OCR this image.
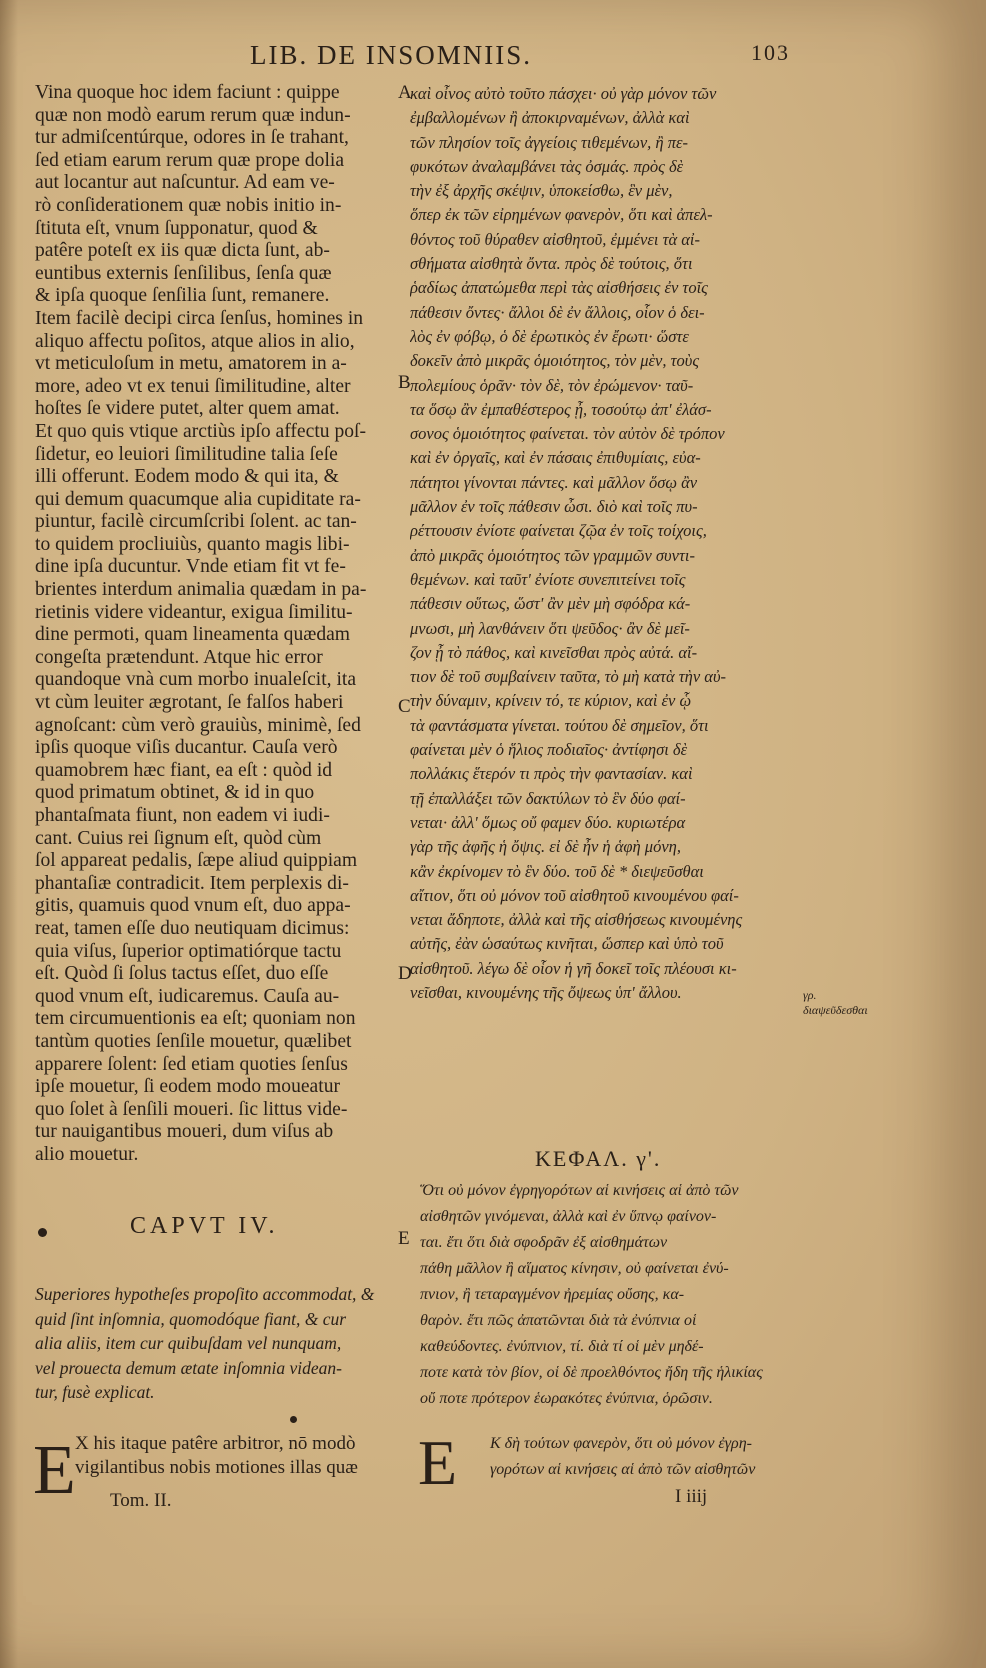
LIB. DE INSOMNIIS.	103
Vina quoque hoc idem faciunt : quippe
quæ non modò earum rerum quæ indun-
tur admiſcentúrque, odores in ſe trahant,
ſed etiam earum rerum quæ prope dolia
aut locantur aut naſcuntur. Ad eam ve-
rò conſiderationem quæ nobis initio in-
ſtituta eſt, vnum ſupponatur, quod &
patêre poteſt ex iis quæ dicta ſunt, ab-
euntibus externis ſenſilibus, ſenſa quæ
& ipſa quoque ſenſilia ſunt, remanere.
Item facilè decipi circa ſenſus, homines in
aliquo affectu poſitos, atque alios in alio,
vt meticuloſum in metu, amatorem in a-
more, adeo vt ex tenui ſimilitudine, alter
hoſtes ſe videre putet, alter quem amat.
Et quo quis vtique arctiùs ipſo affectu poſ-
ſidetur, eo leuiori ſimilitudine talia ſeſe
illi offerunt. Eodem modo & qui ita, &
qui demum quacumque alia cupiditate ra-
piuntur, facilè circumſcribi ſolent. ac tan-
to quidem procliuiùs, quanto magis libi-
dine ipſa ducuntur. Vnde etiam fit vt fe-
brientes interdum animalia quædam in pa-
rietinis videre videantur, exigua ſimilitu-
dine permoti, quam lineamenta quædam
congeſta prætendunt. Atque hic error
quandoque vnà cum morbo inualeſcit, ita
vt cùm leuiter ægrotant, ſe falſos haberi
agnoſcant: cùm verò grauiùs, minimè, ſed
ipſis quoque viſis ducantur. Cauſa verò
quamobrem hæc fiant, ea eſt : quòd id
quod primatum obtinet, & id in quo
phantaſmata fiunt, non eadem vi iudi-
cant. Cuius rei ſignum eſt, quòd cùm
ſol appareat pedalis, ſæpe aliud quippiam
phantaſiæ contradicit. Item perplexis di-
gitis, quamuis quod vnum eſt, duo appa-
reat, tamen eſſe duo neutiquam dicimus:
quia viſus, ſuperior optimatiórque tactu
eſt. Quòd ſi ſolus tactus eſſet, duo eſſe
quod vnum eſt, iudicaremus. Cauſa au-
tem circumuentionis ea eſt; quoniam non
tantùm quoties ſenſile mouetur, quælibet
apparere ſolent: ſed etiam quoties ſenſus
ipſe mouetur, ſi eodem modo moueatur
quo ſolet à ſenſili moueri. ſic littus vide-
tur nauigantibus moueri, dum viſus ab
alio mouetur.
καὶ οἶνος αὐτὸ τοῦτο πάσχει· οὐ γὰρ μόνον τῶν
ἐμβαλλομένων ἢ ἀποκιρναμένων, ἀλλὰ καὶ
τῶν πλησίον τοῖς ἀγγείοις τιθεμένων, ἢ πε-
φυκότων ἀναλαμβάνει τὰς ὀσμάς. πρὸς δὲ
τὴν ἐξ ἀρχῆς σκέψιν, ὑποκείσθω, ἓν μὲν,
ὅπερ ἐκ τῶν εἰρημένων φανερὸν, ὅτι καὶ ἀπελ-
θόντος τοῦ θύραθεν αἰσθητοῦ, ἐμμένει τὰ αἰ-
σθήματα αἰσθητὰ ὄντα. πρὸς δὲ τούτοις, ὅτι
ῥαδίως ἀπατώμεθα περὶ τὰς αἰσθήσεις ἐν τοῖς
πάθεσιν ὄντες· ἄλλοι δὲ ἐν ἄλλοις, οἷον ὁ δει-
λὸς ἐν φόβῳ, ὁ δὲ ἐρωτικὸς ἐν ἔρωτι· ὥστε
δοκεῖν ἀπὸ μικρᾶς ὁμοιότητος, τὸν μὲν, τοὺς
πολεμίους ὁρᾶν· τὸν δὲ, τὸν ἐρώμενον· ταῦ-
τα ὅσῳ ἂν ἐμπαθέστερος ᾖ, τοσούτῳ ἀπ' ἐλάσ-
σονος ὁμοιότητος φαίνεται. τὸν αὐτὸν δὲ τρόπον
καὶ ἐν ὀργαῖς, καὶ ἐν πάσαις ἐπιθυμίαις, εὐα-
πάτητοι γίνονται πάντες. καὶ μᾶλλον ὅσῳ ἂν
μᾶλλον ἐν τοῖς πάθεσιν ὦσι. διὸ καὶ τοῖς πυ-
ρέττουσιν ἐνίοτε φαίνεται ζῷα ἐν τοῖς τοίχοις,
ἀπὸ μικρᾶς ὁμοιότητος τῶν γραμμῶν συντι-
θεμένων. καὶ ταῦτ' ἐνίοτε συνεπιτείνει τοῖς
πάθεσιν οὕτως, ὥστ' ἂν μὲν μὴ σφόδρα κά-
μνωσι, μὴ λανθάνειν ὅτι ψεῦδος· ἂν δὲ μεῖ-
ζον ᾖ τὸ πάθος, καὶ κινεῖσθαι πρὸς αὐτά. αἴ-
τιον δὲ τοῦ συμβαίνειν ταῦτα, τὸ μὴ κατὰ τὴν αὐ-
τὴν δύναμιν, κρίνειν τό, τε κύριον, καὶ ἐν ᾧ
τὰ φαντάσματα γίνεται. τούτου δὲ σημεῖον, ὅτι
φαίνεται μὲν ὁ ἥλιος ποδιαῖος· ἀντίφησι δὲ
πολλάκις ἕτερόν τι πρὸς τὴν φαντασίαν. καὶ
τῇ ἐπαλλάξει τῶν δακτύλων τὸ ἓν δύο φαί-
νεται· ἀλλ' ὅμως οὔ φαμεν δύο. κυριωτέρα
γὰρ τῆς ἁφῆς ἡ ὄψις. εἰ δὲ ἦν ἡ ἁφὴ μόνη,
κἂν ἐκρίνομεν τὸ ἓν δύο. τοῦ δὲ * διεψεῦσθαι
αἴτιον, ὅτι οὐ μόνον τοῦ αἰσθητοῦ κινουμένου φαί-
νεται ἄδηποτε, ἀλλὰ καὶ τῆς αἰσθήσεως κινουμένης
αὐτῆς, ἐὰν ὡσαύτως κινῆται, ὥσπερ καὶ ὑπὸ τοῦ
αἰσθητοῦ. λέγω δὲ οἷον ἡ γῆ δοκεῖ τοῖς πλέουσι κι-
νεῖσθαι, κινουμένης τῆς ὄψεως ὑπ' ἄλλου.
A
B
C
D
E
γρ. διαψεῦδεσθαι
CAPVT IV.
Superiores hypotheſes propoſito accommodat, &
quid ſint inſomnia, quomodóque fiant, & cur
alia aliis, item cur quibuſdam vel nunquam,
vel prouecta demum ætate inſomnia videan-
tur, fusè explicat.
E X his itaque patêre arbitror, nō modò
vigilantibus nobis motiones illas quæ
Tom. II.
ΚΕΦΑΛ. γ'.
Ὅτι οὐ μόνον ἐγρηγορότων αἱ κινήσεις αἱ ἀπὸ τῶν
αἰσθητῶν γινόμεναι, ἀλλὰ καὶ ἐν ὕπνῳ φαίνον-
ται. ἔτι ὅτι διὰ σφοδρᾶν ἐξ αἰσθημάτων
πάθη μᾶλλον ἢ αἵματος κίνησιν, οὐ φαίνεται ἐνύ-
πνιον, ἢ τεταραγμένον ἠρεμίας οὔσης, κα-
θαρὸν. ἔτι πῶς ἀπατῶνται διὰ τὰ ἐνύπνια οἱ
καθεύδοντες. ἐνύπνιον, τί. διὰ τί οἱ μὲν μηδέ-
ποτε κατὰ τὸν βίον, οἱ δὲ προελθόντος ἤδη τῆς ἡλικίας
οὔ ποτε πρότερον ἑωρακότες ἐνύπνια, ὁρῶσιν.
E Κ δὴ τούτων φανερὸν, ὅτι οὐ μόνον ἐγρη-
γορότων αἱ κινήσεις αἱ ἀπὸ τῶν αἰσθητῶν
I iiij
